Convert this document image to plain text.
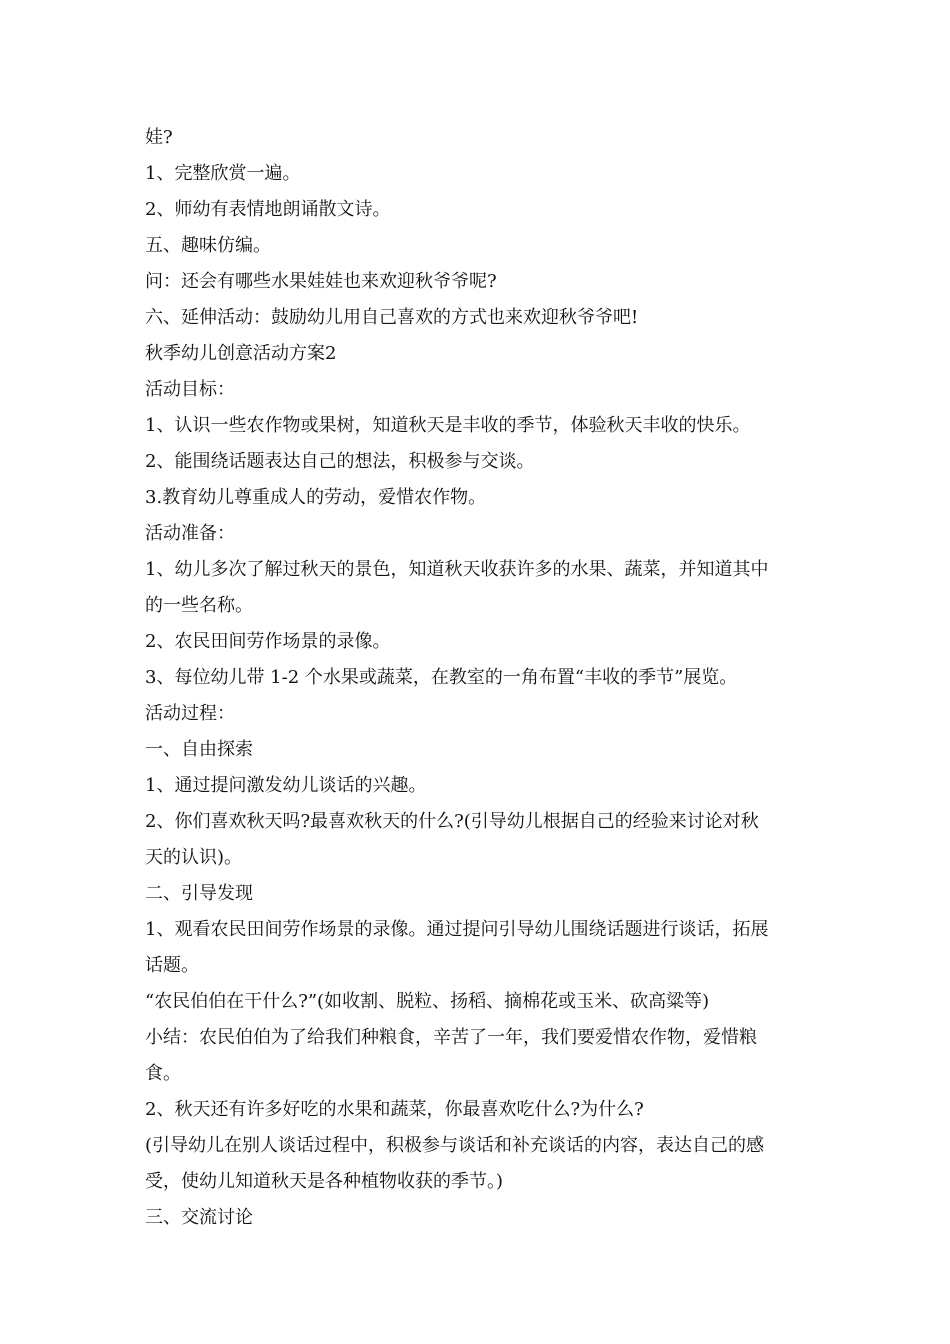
娃?
1、完整欣赏一遍。
2、师幼有表情地朗诵散文诗。
五、趣味仿编。
问：还会有哪些水果娃娃也来欢迎秋爷爷呢?
六、延伸活动：鼓励幼儿用自己喜欢的方式也来欢迎秋爷爷吧!
秋季幼儿创意活动方案2
活动目标：
1、认识一些农作物或果树，知道秋天是丰收的季节，体验秋天丰收的快乐。
2、能围绕话题表达自己的想法，积极参与交谈。
3.教育幼儿尊重成人的劳动，爱惜农作物。
活动准备：
1、幼儿多次了解过秋天的景色，知道秋天收获许多的水果、蔬菜，并知道其中
的一些名称。
2、农民田间劳作场景的录像。
3、每位幼儿带 1-2 个水果或蔬菜，在教室的一角布置“丰收的季节”展览。
活动过程：
一、自由探索
1、通过提问激发幼儿谈话的兴趣。
2、你们喜欢秋天吗?最喜欢秋天的什么?(引导幼儿根据自己的经验来讨论对秋
天的认识)。
二、引导发现
1、观看农民田间劳作场景的录像。通过提问引导幼儿围绕话题进行谈话，拓展
话题。
“农民伯伯在干什么?”(如收割、脱粒、扬稻、摘棉花或玉米、砍高粱等)
小结：农民伯伯为了给我们种粮食，辛苦了一年，我们要爱惜农作物，爱惜粮
食。
2、秋天还有许多好吃的水果和蔬菜，你最喜欢吃什么?为什么?
(引导幼儿在别人谈话过程中，积极参与谈话和补充谈话的内容，表达自己的感
受，使幼儿知道秋天是各种植物收获的季节。)
三、交流讨论
